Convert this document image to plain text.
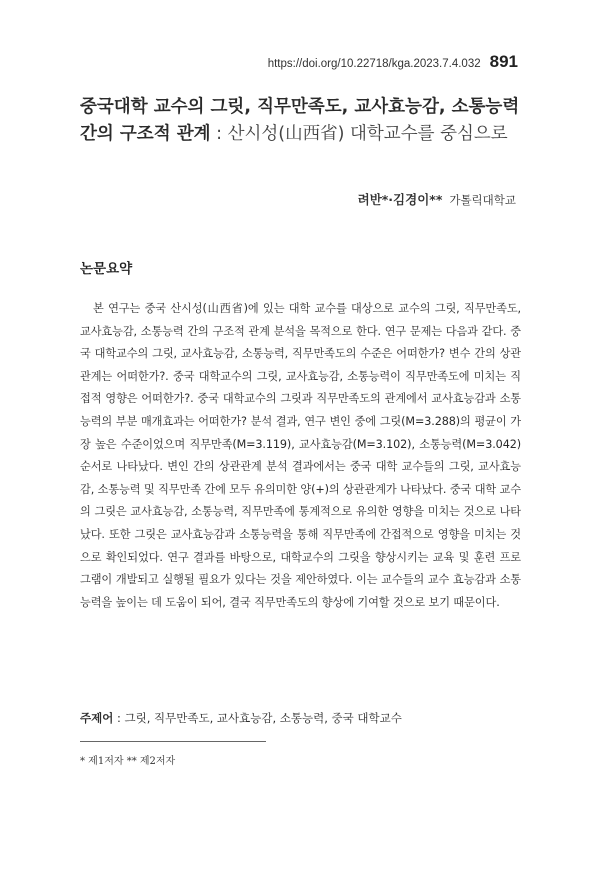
https://doi.org/10.22718/kga.2023.7.4.032 891
중국대학 교수의 그릿, 직무만족도, 교사효능감, 소통능력 간의 구조적 관계 : 산시성(山西省) 대학교수를 중심으로
려반*·김경이** 가톨릭대학교
논문요약
본 연구는 중국 산시성(山西省)에 있는 대학 교수를 대상으로 교수의 그릿, 직무만족도, 교사효능감, 소통능력 간의 구조적 관계 분석을 목적으로 한다. 연구 문제는 다음과 같다. 중국 대학교수의 그릿, 교사효능감, 소통능력, 직무만족도의 수준은 어떠한가? 변수 간의 상관관계는 어떠한가?. 중국 대학교수의 그릿, 교사효능감, 소통능력이 직무만족도에 미치는 직접적 영향은 어떠한가?. 중국 대학교수의 그릿과 직무만족도의 관계에서 교사효능감과 소통능력의 부분 매개효과는 어떠한가? 분석 결과, 연구 변인 중에 그릿(M=3.288)의 평균이 가장 높은 수준이었으며 직무만족(M=3.119), 교사효능감(M=3.102), 소통능력(M=3.042) 순서로 나타났다. 변인 간의 상관관계 분석 결과에서는 중국 대학 교수들의 그릿, 교사효능감, 소통능력 및 직무만족 간에 모두 유의미한 양(+)의 상관관계가 나타났다. 중국 대학 교수의 그릿은 교사효능감, 소통능력, 직무만족에 통계적으로 유의한 영향을 미치는 것으로 나타났다. 또한 그릿은 교사효능감과 소통능력을 통해 직무만족에 간접적으로 영향을 미치는 것으로 확인되었다. 연구 결과를 바탕으로, 대학교수의 그릿을 향상시키는 교육 및 훈련 프로그램이 개발되고 실행될 필요가 있다는 것을 제안하였다. 이는 교수들의 교수 효능감과 소통능력을 높이는 데 도움이 되어, 결국 직무만족도의 향상에 기여할 것으로 보기 때문이다.
주제어 : 그릿, 직무만족도, 교사효능감, 소통능력, 중국 대학교수
* 제1저자 ** 제2저자
